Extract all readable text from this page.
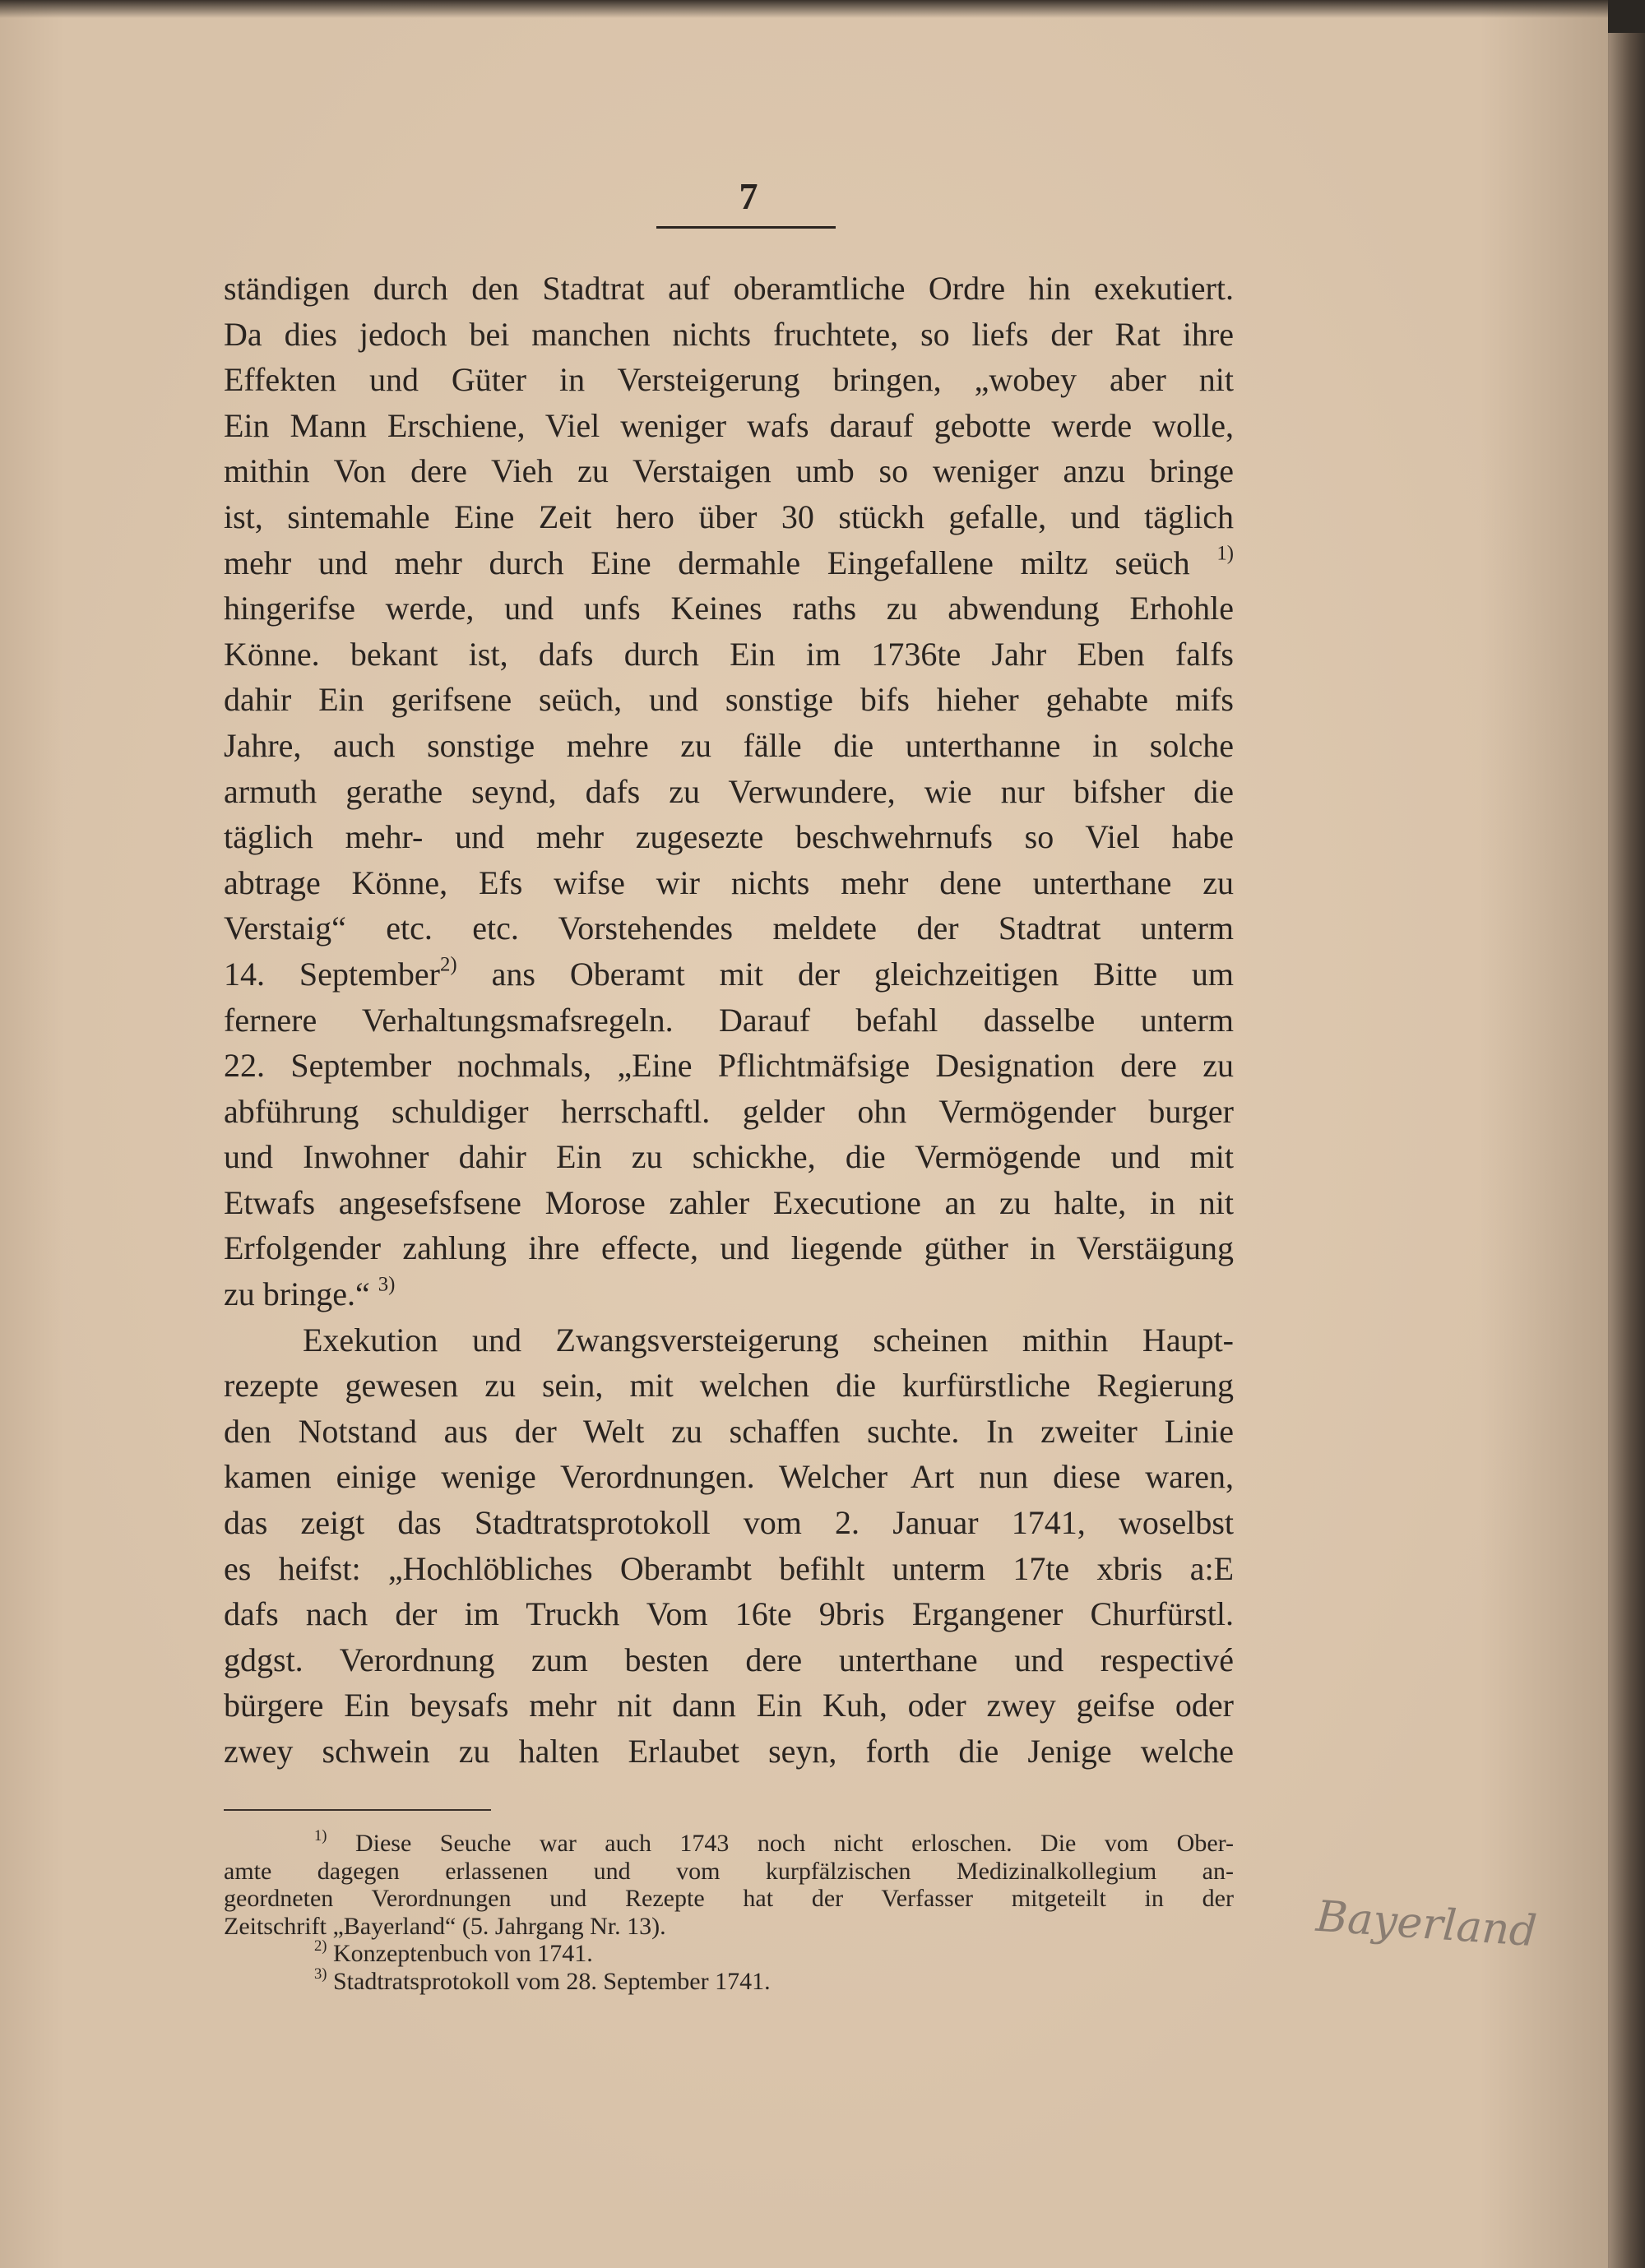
7
ständigen durch den Stadtrat auf oberamtliche Ordre hin exekutiert.
Da dies jedoch bei manchen nichts fruchtete, so liefs der Rat ihre
Effekten und Güter in Versteigerung bringen, „wobey aber nit
Ein Mann Erschiene, Viel weniger wafs darauf gebotte werde wolle,
mithin Von dere Vieh zu Verstaigen umb so weniger anzu bringe
ist, sintemahle Eine Zeit hero über 30 stückh gefalle, und täglich
mehr und mehr durch Eine dermahle Eingefallene miltz seüch $^{1)}$
hingerifse werde, und unfs Keines raths zu abwendung Erhohle
Könne. bekant ist, dafs durch Ein im 1736te Jahr Eben falfs
dahir Ein gerifsene seüch, und sonstige bifs hieher gehabte mifs
Jahre, auch sonstige mehre zu fälle die unterthanne in solche
armuth gerathe seynd, dafs zu Verwundere, wie nur bifsher die
täglich mehr- und mehr zugesezte beschwehrnufs so Viel habe
abtrage Könne, Efs wifse wir nichts mehr dene unterthane zu
Verstaig“ etc. etc. Vorstehendes meldete der Stadtrat unterm
14. September$^{2)}$ ans Oberamt mit der gleichzeitigen Bitte um
fernere Verhaltungsmafsregeln. Darauf befahl dasselbe unterm
22. September nochmals, „Eine Pflichtmäfsige Designation dere zu
abführung schuldiger herrschaftl. gelder ohn Vermögender burger
und Inwohner dahir Ein zu schickhe, die Vermögende und mit
Etwafs angesefsfsene Morose zahler Executione an zu halte, in nit
Erfolgender zahlung ihre effecte, und liegende güther in Verstäigung
zu bringe.“ $^{3)}$
Exekution und Zwangsversteigerung scheinen mithin Haupt-
rezepte gewesen zu sein, mit welchen die kurfürstliche Regierung
den Notstand aus der Welt zu schaffen suchte. In zweiter Linie
kamen einige wenige Verordnungen. Welcher Art nun diese waren,
das zeigt das Stadtratsprotokoll vom 2. Januar 1741, woselbst
es heifst: „Hochlöbliches Oberambt befihlt unterm 17te xbris a:E
dafs nach der im Truckh Vom 16te 9bris Ergangener Churfürstl.
gdgst. Verordnung zum besten dere unterthane und respectivé
bürgere Ein beysafs mehr nit dann Ein Kuh, oder zwey geifse oder
zwey schwein zu halten Erlaubet seyn, forth die Jenige welche
$^{1)}$ Diese Seuche war auch 1743 noch nicht erloschen. Die vom Ober-
amte dagegen erlassenen und vom kurpfälzischen Medizinalkollegium an-
geordneten Verordnungen und Rezepte hat der Verfasser mitgeteilt in der
Zeitschrift „Bayerland“ (5. Jahrgang Nr. 13).
$^{2)}$ Konzeptenbuch von 1741.
$^{3)}$ Stadtratsprotokoll vom 28. September 1741.
Bayerland
